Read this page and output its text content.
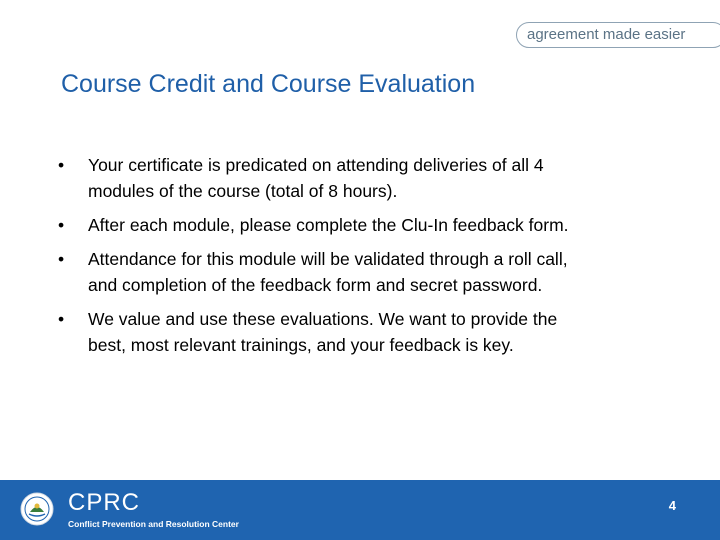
agreement made easier
Course Credit and Course Evaluation
• Your certificate is predicated on attending deliveries of all 4
modules of the course (total of 8 hours).
• After each module, please complete the Clu-In feedback form.
• Attendance for this module will be validated through a roll call,
and completion of the feedback form and secret password.
• We value and use these evaluations. We want to provide the
best, most relevant trainings, and your feedback is key.
CPRC
Conflict Prevention and Resolution Center
4
